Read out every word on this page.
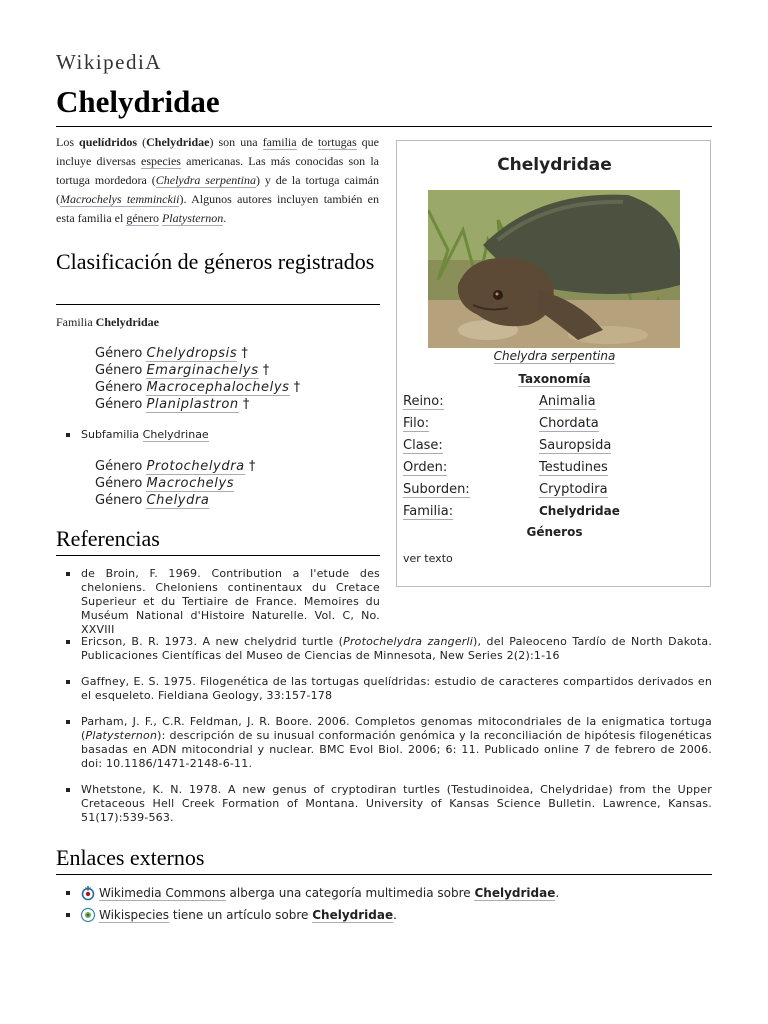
WikipediA
Chelydridae

Los quelídridos (Chelydridae) son una familia de tortugas que incluye diversas especies americanas. Las más conocidas son la tortuga mordedora (Chelydra serpentina) y de la tortuga caimán (Macrochelys temminckii). Algunos autores incluyen también en esta familia el género Platysternon.

Clasificación de géneros registrados
Familia Chelydridae
Género Chelydropsis †
Género Emarginachelys †
Género Macrocephalochelys †
Género Planiplastron †
Subfamilia Chelydrinae
Género Protochelydra †
Género Macrochelys
Género Chelydra
Referencias
de Broin, F. 1969. Contribution a l'etude des cheloniens. Cheloniens continentaux du Cretace Superieur et du Tertiaire de France. Memoires du Muséum National d'Histoire Naturelle. Vol. C, No. XXVIII
Ericson, B. R. 1973. A new chelydrid turtle (Protochelydra zangerli), del Paleoceno Tardío de North Dakota. Publicaciones Científicas del Museo de Ciencias de Minnesota, New Series 2(2):1-16
Gaffney, E. S. 1975. Filogenética de las tortugas quelídridas: estudio de caracteres compartidos derivados en el esqueleto. Fieldiana Geology, 33:157-178
Parham, J. F., C.R. Feldman, J. R. Boore. 2006. Completos genomas mitocondriales de la enigmatica tortuga (Platysternon): descripción de su inusual conformación genómica y la reconciliación de hipótesis filogenéticas basadas en ADN mitocondrial y nuclear. BMC Evol Biol. 2006; 6: 11. Publicado online 7 de febrero de 2006. doi: 10.1186/1471-2148-6-11.
Whetstone, K. N. 1978. A new genus of cryptodiran turtles (Testudinoidea, Chelydridae) from the Upper Cretaceous Hell Creek Formation of Montana. University of Kansas Science Bulletin. Lawrence, Kansas. 51(17):539-563.
Enlaces externos
Wikimedia Commons alberga una categoría multimedia sobre Chelydridae.
Wikispecies tiene un artículo sobre Chelydridae.
Chelydridae
Chelydra serpentina
Taxonomía
Reino:	Animalia
Filo:	Chordata
Clase:	Sauropsida
Orden:	Testudines
Suborden:	Cryptodira
Familia:	Chelydridae
Géneros
ver texto
